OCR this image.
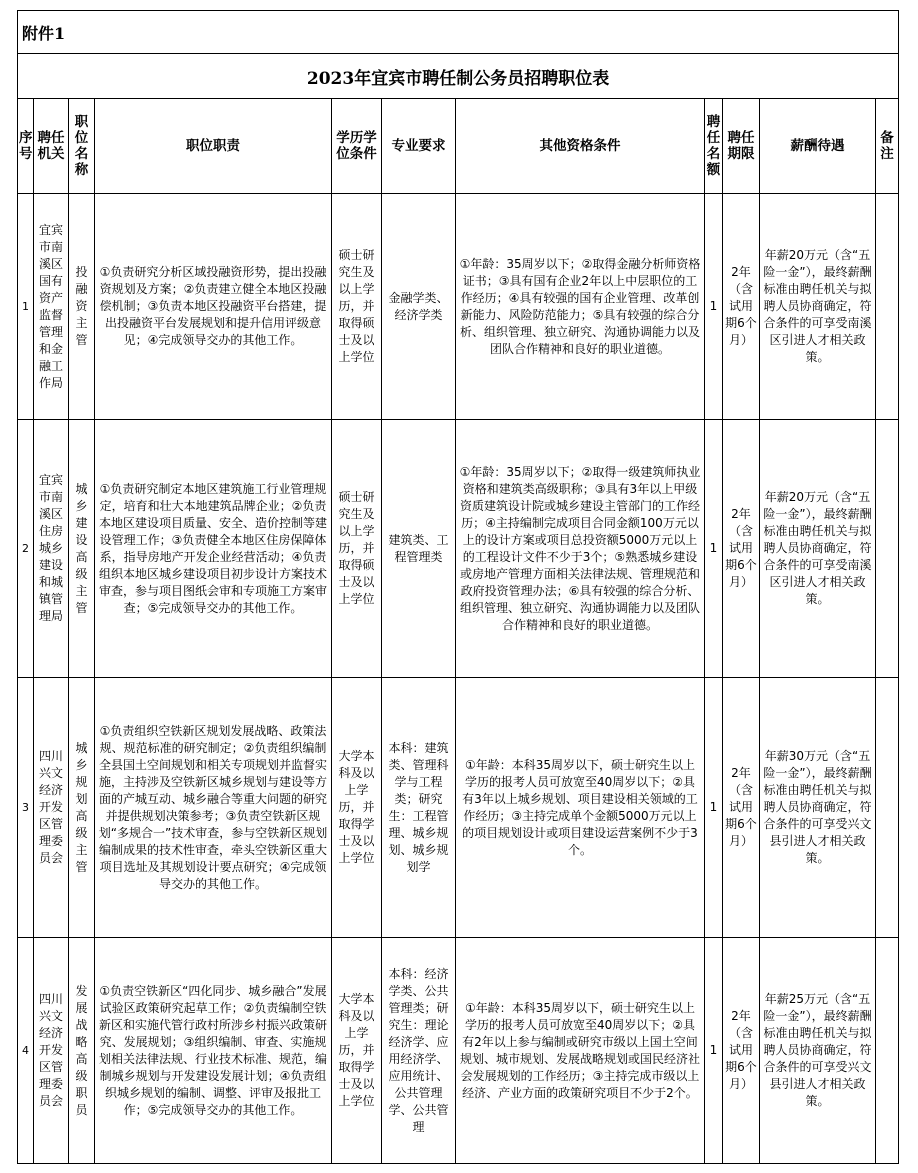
附件1										
2023年宜宾市聘任制公务员招聘职位表										
序号	聘任机关	职位名称	职位职责	学历学位条件	专业要求	其他资格条件	聘任名额	聘任期限	薪酬待遇	备注
1	宜宾市南溪区国有资产监督管理和金融工作局	投融资主管	①负责研究分析区域投融资形势，提出投融资规划及方案；②负责建立健全本地区投融偿机制；③负责本地区投融资平台搭建，提出投融资平台发展规划和提升信用评级意见；④完成领导交办的其他工作。	硕士研究生及以上学历，并取得硕士及以上学位	金融学类、经济学类	①年龄：35周岁以下；②取得金融分析师资格证书；③具有国有企业2年以上中层职位的工作经历；④具有较强的国有企业管理、改革创新能力、风险防范能力；⑤具有较强的综合分析、组织管理、独立研究、沟通协调能力以及团队合作精神和良好的职业道德。	1	2年（含试用期6个月）	年薪20万元（含“五险一金”），最终薪酬标准由聘任机关与拟聘人员协商确定，符合条件的可享受南溪区引进人才相关政策。	
2	宜宾市南溪区住房城乡建设和城镇管理局	城乡建设高级主管	①负责研究制定本地区建筑施工行业管理规定，培育和壮大本地建筑品牌企业；②负责本地区建设项目质量、安全、造价控制等建设管理工作；③负责健全本地区住房保障体系，指导房地产开发企业经营活动；④负责组织本地区城乡建设项目初步设计方案技术审查，参与项目图纸会审和专项施工方案审查；⑤完成领导交办的其他工作。	硕士研究生及以上学历，并取得硕士及以上学位	建筑类、工程管理类	①年龄：35周岁以下；②取得一级建筑师执业资格和建筑类高级职称；③具有3年以上甲级资质建筑设计院或城乡建设主管部门的工作经历；④主持编制完成项目合同金额100万元以上的设计方案或项目总投资额5000万元以上的工程设计文件不少于3个；⑤熟悉城乡建设或房地产管理方面相关法律法规、管理规范和政府投资管理办法；⑥具有较强的综合分析、组织管理、独立研究、沟通协调能力以及团队合作精神和良好的职业道德。	1	2年（含试用期6个月）	年薪20万元（含“五险一金”），最终薪酬标准由聘任机关与拟聘人员协商确定，符合条件的可享受南溪区引进人才相关政策。	
3	四川兴文经济开发区管理委员会	城乡规划高级主管	①负责组织空铁新区规划发展战略、政策法规、规范标准的研究制定；②负责组织编制全县国土空间规划和相关专项规划并监督实施，主持涉及空铁新区城乡规划与建设等方面的产城互动、城乡融合等重大问题的研究并提供规划决策参考；③负责空铁新区规划“多规合一”技术审查，参与空铁新区规划编制成果的技术性审查，牵头空铁新区重大项目选址及其规划设计要点研究；④完成领导交办的其他工作。	大学本科及以上学历，并取得学士及以上学位	本科：建筑类、管理科学与工程类；研究生：工程管理、城乡规划、城乡规划学	①年龄：本科35周岁以下，硕士研究生以上学历的报考人员可放宽至40周岁以下；②具有3年以上城乡规划、项目建设相关领域的工作经历；③主持完成单个金额5000万元以上的项目规划设计或项目建设运营案例不少于3个。	1	2年（含试用期6个月）	年薪30万元（含“五险一金”），最终薪酬标准由聘任机关与拟聘人员协商确定，符合条件的可享受兴文县引进人才相关政策。	
4	四川兴文经济开发区管理委员会	发展战略高级职员	①负责空铁新区“四化同步、城乡融合”发展试验区政策研究起草工作；②负责编制空铁新区和实施代管行政村所涉乡村振兴政策研究、发展规划；③组织编制、审查、实施规划相关法律法规、行业技术标准、规范，编制城乡规划与开发建设发展计划；④负责组织城乡规划的编制、调整、评审及报批工作；⑤完成领导交办的其他工作。	大学本科及以上学历，并取得学士及以上学位	本科：经济学类、公共管理类；研究生：理论经济学、应用经济学、应用统计、公共管理学、公共管理	①年龄：本科35周岁以下，硕士研究生以上学历的报考人员可放宽至40周岁以下；②具有2年以上参与编制或研究市级以上国土空间规划、城市规划、发展战略规划或国民经济社会发展规划的工作经历；③主持完成市级以上经济、产业方面的政策研究项目不少于2个。	1	2年（含试用期6个月）	年薪25万元（含“五险一金”），最终薪酬标准由聘任机关与拟聘人员协商确定，符合条件的可享受兴文县引进人才相关政策。	
